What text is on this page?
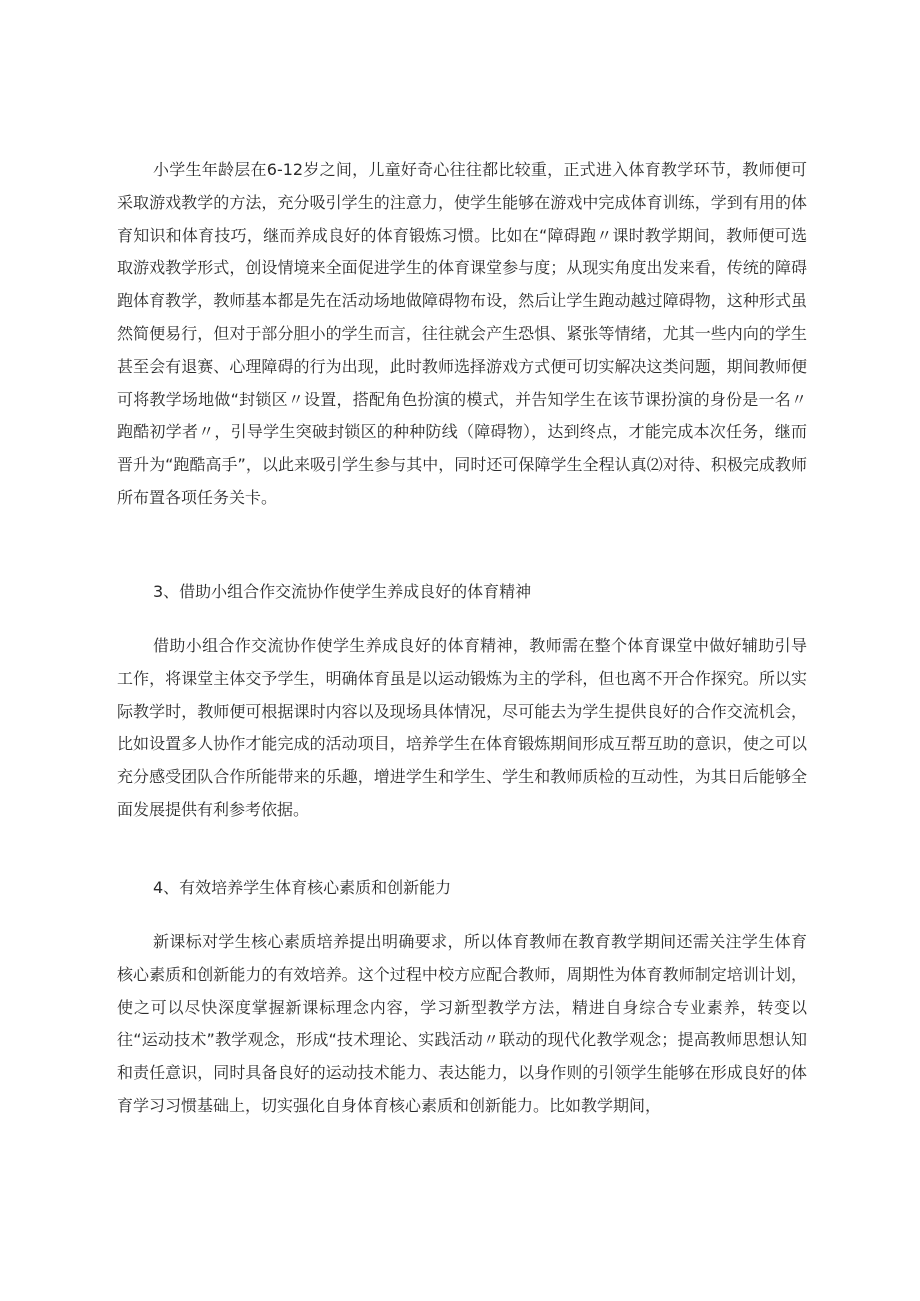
小学生年龄层在6-12岁之间，儿童好奇心往往都比较重，正式进入体育教学环节，教师便可采取游戏教学的方法，充分吸引学生的注意力，使学生能够在游戏中完成体育训练，学到有用的体育知识和体育技巧，继而养成良好的体育锻炼习惯。比如在“障碍跑〃课时教学期间，教师便可选取游戏教学形式，创设情境来全面促进学生的体育课堂参与度；从现实角度出发来看，传统的障碍跑体育教学，教师基本都是先在活动场地做障碍物布设，然后让学生跑动越过障碍物，这种形式虽然简便易行，但对于部分胆小的学生而言，往往就会产生恐惧、紧张等情绪，尤其一些内向的学生甚至会有退赛、心理障碍的行为出现，此时教师选择游戏方式便可切实解决这类问题，期间教师便可将教学场地做“封锁区〃设置，搭配角色扮演的模式，并告知学生在该节课扮演的身份是一名〃跑酷初学者〃，引导学生突破封锁区的种种防线（障碍物），达到终点，才能完成本次任务，继而晋升为“跑酷高手”，以此来吸引学生参与其中，同时还可保障学生全程认真⑵对待、积极完成教师所布置各项任务关卡。

3、借助小组合作交流协作使学生养成良好的体育精神

借助小组合作交流协作使学生养成良好的体育精神，教师需在整个体育课堂中做好辅助引导工作，将课堂主体交予学生，明确体育虽是以运动锻炼为主的学科，但也离不开合作探究。所以实际教学时，教师便可根据课时内容以及现场具体情况，尽可能去为学生提供良好的合作交流机会，比如设置多人协作才能完成的活动项目，培养学生在体育锻炼期间形成互帮互助的意识，使之可以充分感受团队合作所能带来的乐趣，增进学生和学生、学生和教师质检的互动性，为其日后能够全面发展提供有利参考依据。

4、有效培养学生体育核心素质和创新能力

新课标对学生核心素质培养提出明确要求，所以体育教师在教育教学期间还需关注学生体育核心素质和创新能力的有效培养。这个过程中校方应配合教师，周期性为体育教师制定培训计划，使之可以尽快深度掌握新课标理念内容，学习新型教学方法，精进自身综合专业素养，转变以往“运动技术”教学观念，形成“技术理论、实践活动〃联动的现代化教学观念；提高教师思想认知和责任意识，同时具备良好的运动技术能力、表达能力，以身作则的引领学生能够在形成良好的体育学习习惯基础上，切实强化自身体育核心素质和创新能力。比如教学期间，
